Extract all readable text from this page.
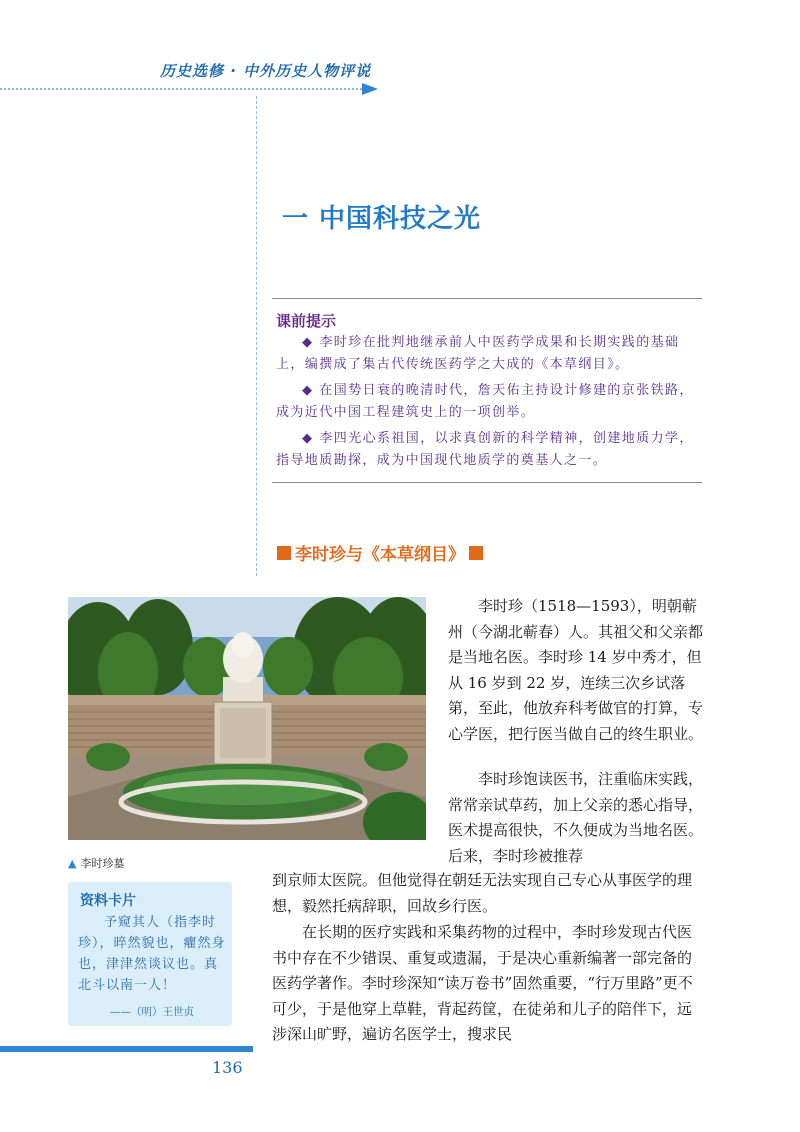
历史选修 · 中外历史人物评说
一 中国科技之光
课前提示
◆ 李时珍在批判地继承前人中医药学成果和长期实践的基础上，编撰成了集古代传统医药学之大成的《本草纲目》。
◆ 在国势日衰的晚清时代，詹天佑主持设计修建的京张铁路，成为近代中国工程建筑史上的一项创举。
◆ 李四光心系祖国，以求真创新的科学精神，创建地质力学，指导地质勘探，成为中国现代地质学的奠基人之一。
李时珍与《本草纲目》
▲ 李时珍墓
资料卡片
予窥其人（指李时珍），晬然貌也，癯然身也，津津然谈议也。真北斗以南一人！
——（明）王世贞
李时珍（1518—1593），明朝蕲州（今湖北蕲春）人。其祖父和父亲都是当地名医。李时珍 14 岁中秀才，但从 16 岁到 22 岁，连续三次乡试落第，至此，他放弃科考做官的打算，专心学医，把行医当做自己的终生职业。
李时珍饱读医书，注重临床实践，常常亲试草药，加上父亲的悉心指导，医术提高很快，不久便成为当地名医。后来，李时珍被推荐
到京师太医院。但他觉得在朝廷无法实现自己专心从事医学的理想，毅然托病辞职，回故乡行医。
在长期的医疗实践和采集药物的过程中，李时珍发现古代医书中存在不少错误、重复或遗漏，于是决心重新编著一部完备的医药学著作。李时珍深知“读万卷书”固然重要，“行万里路”更不可少，于是他穿上草鞋，背起药筐，在徒弟和儿子的陪伴下，远涉深山旷野，遍访名医学士，搜求民
136
